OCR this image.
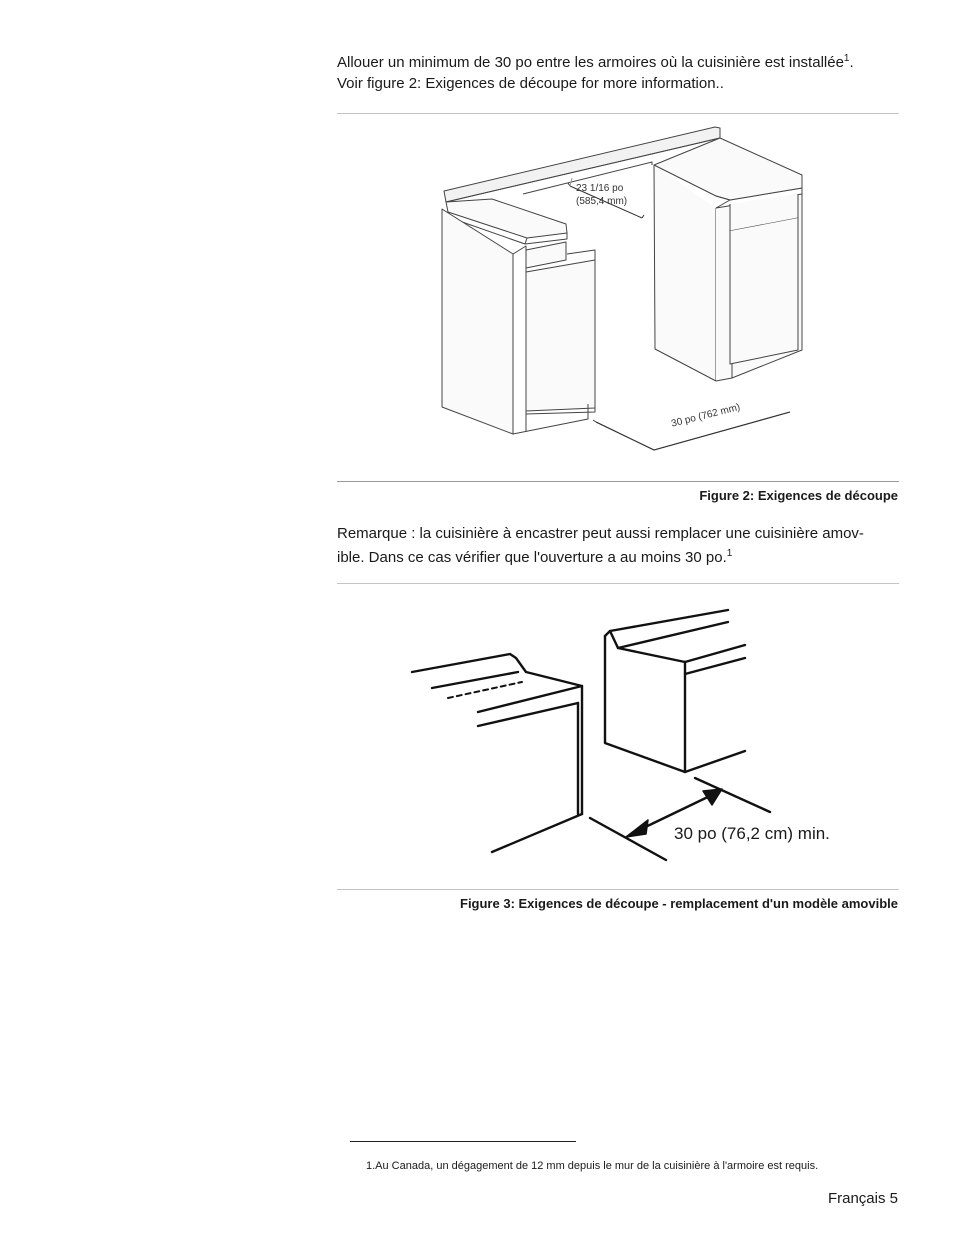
Allouer un minimum de 30 po entre les armoires où la cuisinière est installée$^1$.
Voir figure 2: Exigences de découpe for more information..

23 1/16 po
(585,4 mm)
30 po (762 mm)

Figure 2: Exigences de découpe

Remarque : la cuisinière à encastrer peut aussi remplacer une cuisinière amov-
ible. Dans ce cas vérifier que l'ouverture a au moins 30 po.$^1$

30 po (76,2 cm) min.

Figure 3: Exigences de découpe - remplacement d'un modèle amovible

1.Au Canada, un dégagement de 12 mm depuis le mur de la cuisinière à l'armoire est requis.

Français 5
